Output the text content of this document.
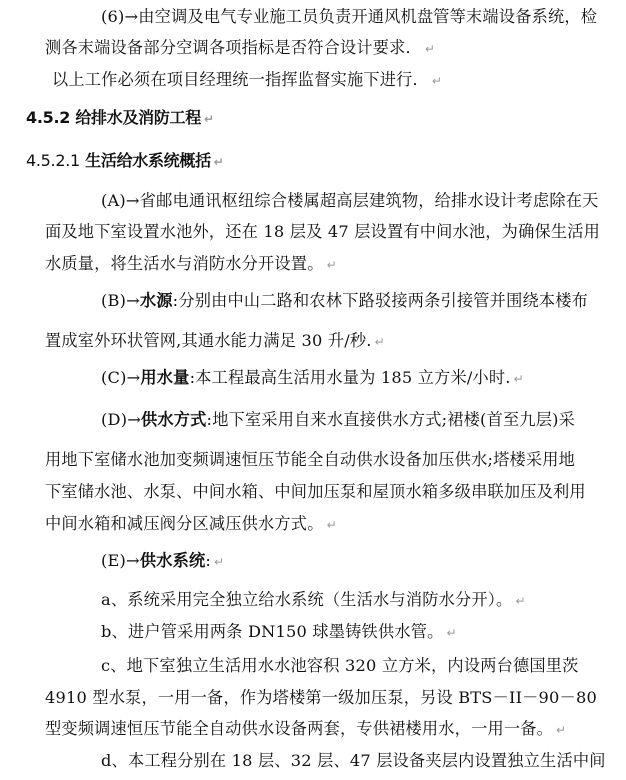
(6)→由空调及电气专业施工员负责开通风机盘管等末端设备系统，检
测各末端设备部分空调各项指标是否符合设计要求． ↵
以上工作必须在项目经理统一指挥监督实施下进行． ↵
4.5.2 给排水及消防工程 ↵
4.5.2.1 生活给水系统概括 ↵
(A)→省邮电通讯枢纽综合楼属超高层建筑物，给排水设计考虑除在天
面及地下室设置水池外，还在 18 层及 47 层设置有中间水池，为确保生活用
水质量，将生活水与消防水分开设置。 ↵
(B)→水源:分别由中山二路和农林下路驳接两条引接管并围绕本楼布
置成室外环状管网,其通水能力满足 30 升/秒. ↵
(C)→用水量:本工程最高生活用水量为 185 立方米/小时. ↵
(D)→供水方式:地下室采用自来水直接供水方式;裙楼(首至九层)采
用地下室储水池加变频调速恒压节能全自动供水设备加压供水;塔楼采用地
下室储水池、水泵、中间水箱、中间加压泵和屋顶水箱多级串联加压及利用
中间水箱和减压阀分区减压供水方式。 ↵
(E)→供水系统: ↵
a、系统采用完全独立给水系统（生活水与消防水分开）。 ↵
b、进户管采用两条 DN150 球墨铸铁供水管。 ↵
c、地下室独立生活用水水池容积 320 立方米，内设两台德国里茨
4910 型水泵，一用一备，作为塔楼第一级加压泵，另设 BTS－II－90－80
型变频调速恒压节能全自动供水设备两套，专供裙楼用水，一用一备。 ↵
d、本工程分别在 18 层、32 层、47 层设备夹层内设置独立生活中间
